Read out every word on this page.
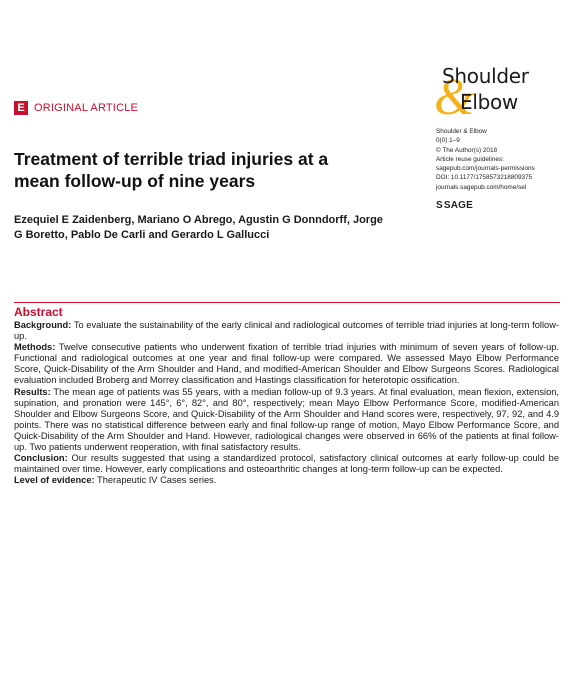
E ORIGINAL ARTICLE	&
Shoulder
Elbow
Shoulder & Elbow
0(0) 1–9
© The Author(s) 2018
Article reuse guidelines:
sagepub.com/journals-permissions
DOI: 10.1177/1758573218809375
journals.sagepub.com/home/sel
SSAGE
Treatment of terrible triad injuries at a mean follow-up of nine years
Ezequiel E Zaidenberg, Mariano O Abrego, Agustin G Donndorff, Jorge G Boretto, Pablo De Carli and Gerardo L Gallucci
Abstract

Background: To evaluate the sustainability of the early clinical and radiological outcomes of terrible triad injuries at long-term follow-up.

Methods: Twelve consecutive patients who underwent fixation of terrible triad injuries with minimum of seven years of follow-up. Functional and radiological outcomes at one year and final follow-up were compared. We assessed Mayo Elbow Performance Score, Quick-Disability of the Arm Shoulder and Hand, and modified-American Shoulder and Elbow Surgeons Scores. Radiological evaluation included Broberg and Morrey classification and Hastings classification for heterotopic ossification.

Results: The mean age of patients was 55 years, with a median follow-up of 9.3 years. At final evaluation, mean flexion, extension, supination, and pronation were 145°, 6°, 82°, and 80°, respectively; mean Mayo Elbow Performance Score, modified-American Shoulder and Elbow Surgeons Score, and Quick-Disability of the Arm Shoulder and Hand scores were, respectively, 97, 92, and 4.9 points. There was no statistical difference between early and final follow-up range of motion, Mayo Elbow Performance Score, and Quick-Disability of the Arm Shoulder and Hand. However, radiological changes were observed in 66% of the patients at final follow-up. Two patients underwent reoperation, with final satisfactory results.

Conclusion: Our results suggested that using a standardized protocol, satisfactory clinical outcomes at early follow-up could be maintained over time. However, early complications and osteoarthritic changes at long-term follow-up can be expected.

Level of evidence: Therapeutic IV Cases series.
